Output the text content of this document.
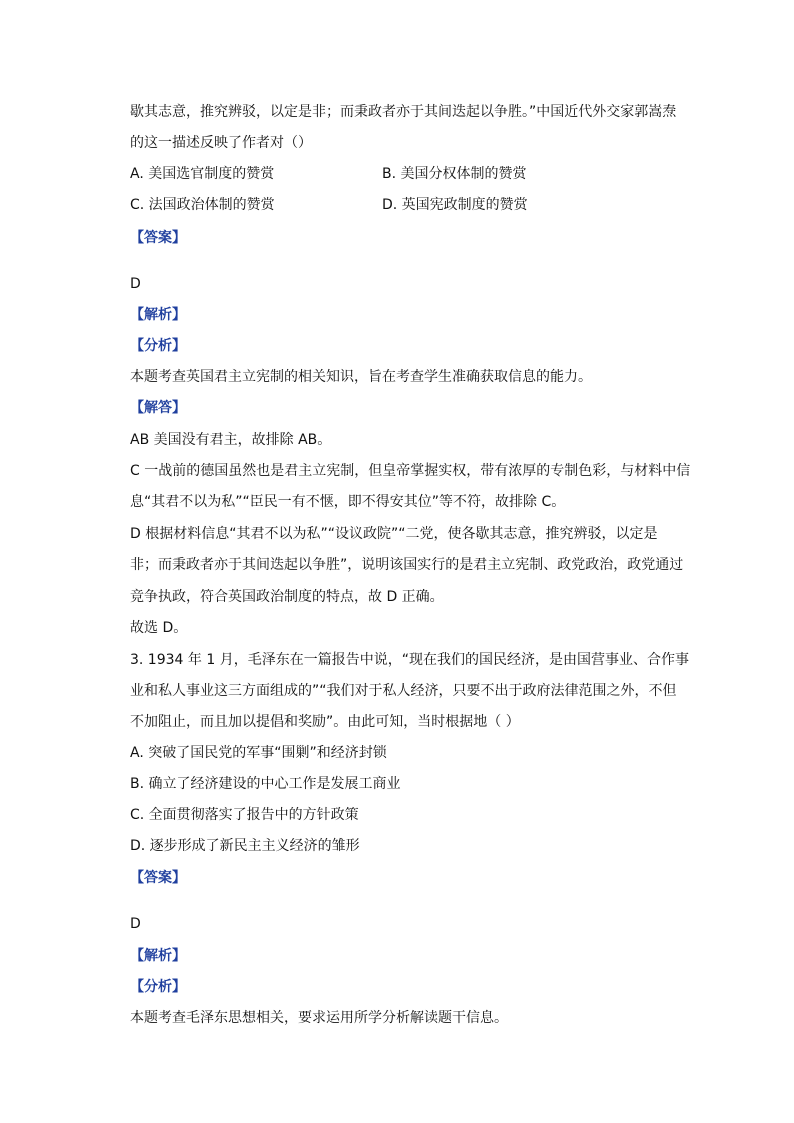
歇其志意，推究辨驳，以定是非；而秉政者亦于其间迭起以争胜。”中国近代外交家郭嵩焘
的这一描述反映了作者对（）
A. 美国选官制度的赞赏	B. 美国分权体制的赞赏
C. 法国政治体制的赞赏	D. 英国宪政制度的赞赏
【答案】
D
【解析】
【分析】
本题考查英国君主立宪制的相关知识，旨在考查学生准确获取信息的能力。
【解答】
AB 美国没有君主，故排除 AB。
C 一战前的德国虽然也是君主立宪制，但皇帝掌握实权，带有浓厚的专制色彩，与材料中信
息“其君不以为私”“臣民一有不惬，即不得安其位”等不符，故排除 C。
D 根据材料信息“其君不以为私”“设议政院”“二党，使各歇其志意，推究辨驳，以定是
非；而秉政者亦于其间迭起以争胜”，说明该国实行的是君主立宪制、政党政治，政党通过
竞争执政，符合英国政治制度的特点，故 D 正确。
故选 D。
3. 1934 年 1 月，毛泽东在一篇报告中说，“现在我们的国民经济，是由国营事业、合作事
业和私人事业这三方面组成的”“我们对于私人经济，只要不出于政府法律范围之外，不但
不加阻止，而且加以提倡和奖励”。由此可知，当时根据地（ ）
A. 突破了国民党的军事“围剿”和经济封锁
B. 确立了经济建设的中心工作是发展工商业
C. 全面贯彻落实了报告中的方针政策
D. 逐步形成了新民主主义经济的雏形
【答案】
D
【解析】
【分析】
本题考查毛泽东思想相关，要求运用所学分析解读题干信息。
